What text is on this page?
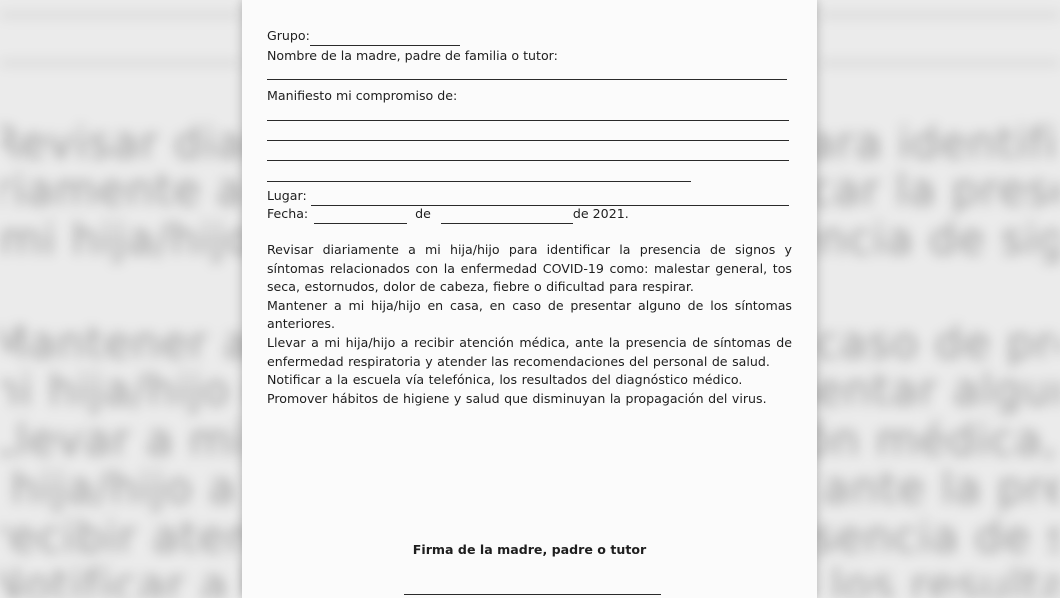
Grupo:
Nombre de la madre, padre de familia o tutor:
Manifiesto mi compromiso de:
Lugar:
Fecha:	de	de 2021.

Revisar diariamente a mi hija/hijo para identificar la presencia de signos y síntomas relacionados con la enfermedad COVID-19 como: malestar general, tos seca, estornudos, dolor de cabeza, fiebre o dificultad para respirar.

Mantener a mi hija/hijo en casa, en caso de presentar alguno de los síntomas anteriores.

Llevar a mi hija/hijo a recibir atención médica, ante la presencia de síntomas de enfermedad respiratoria y atender las recomendaciones del personal de salud.

Notificar a la escuela vía telefónica, los resultados del diagnóstico médico.

Promover hábitos de higiene y salud que disminuyan la propagación del virus.

Firma de la madre, padre o tutor
